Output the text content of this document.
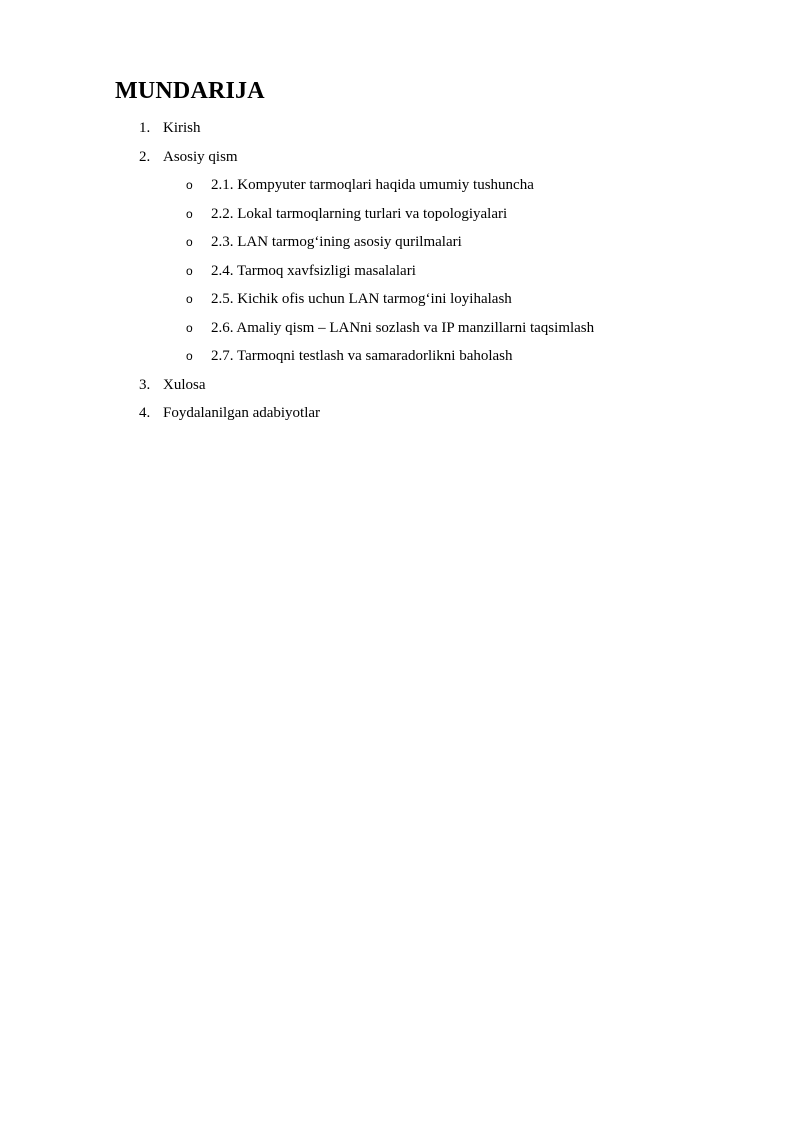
MUNDARIJA
1. Kirish
2. Asosiy qism
o 2.1. Kompyuter tarmoqlari haqida umumiy tushuncha
o 2.2. Lokal tarmoqlarning turlari va topologiyalari
o 2.3. LAN tarmog‘ining asosiy qurilmalari
o 2.4. Tarmoq xavfsizligi masalalari
o 2.5. Kichik ofis uchun LAN tarmog‘ini loyihalash
o 2.6. Amaliy qism – LANni sozlash va IP manzillarni taqsimlash
o 2.7. Tarmoqni testlash va samaradorlikni baholash
3. Xulosa
4. Foydalanilgan adabiyotlar
